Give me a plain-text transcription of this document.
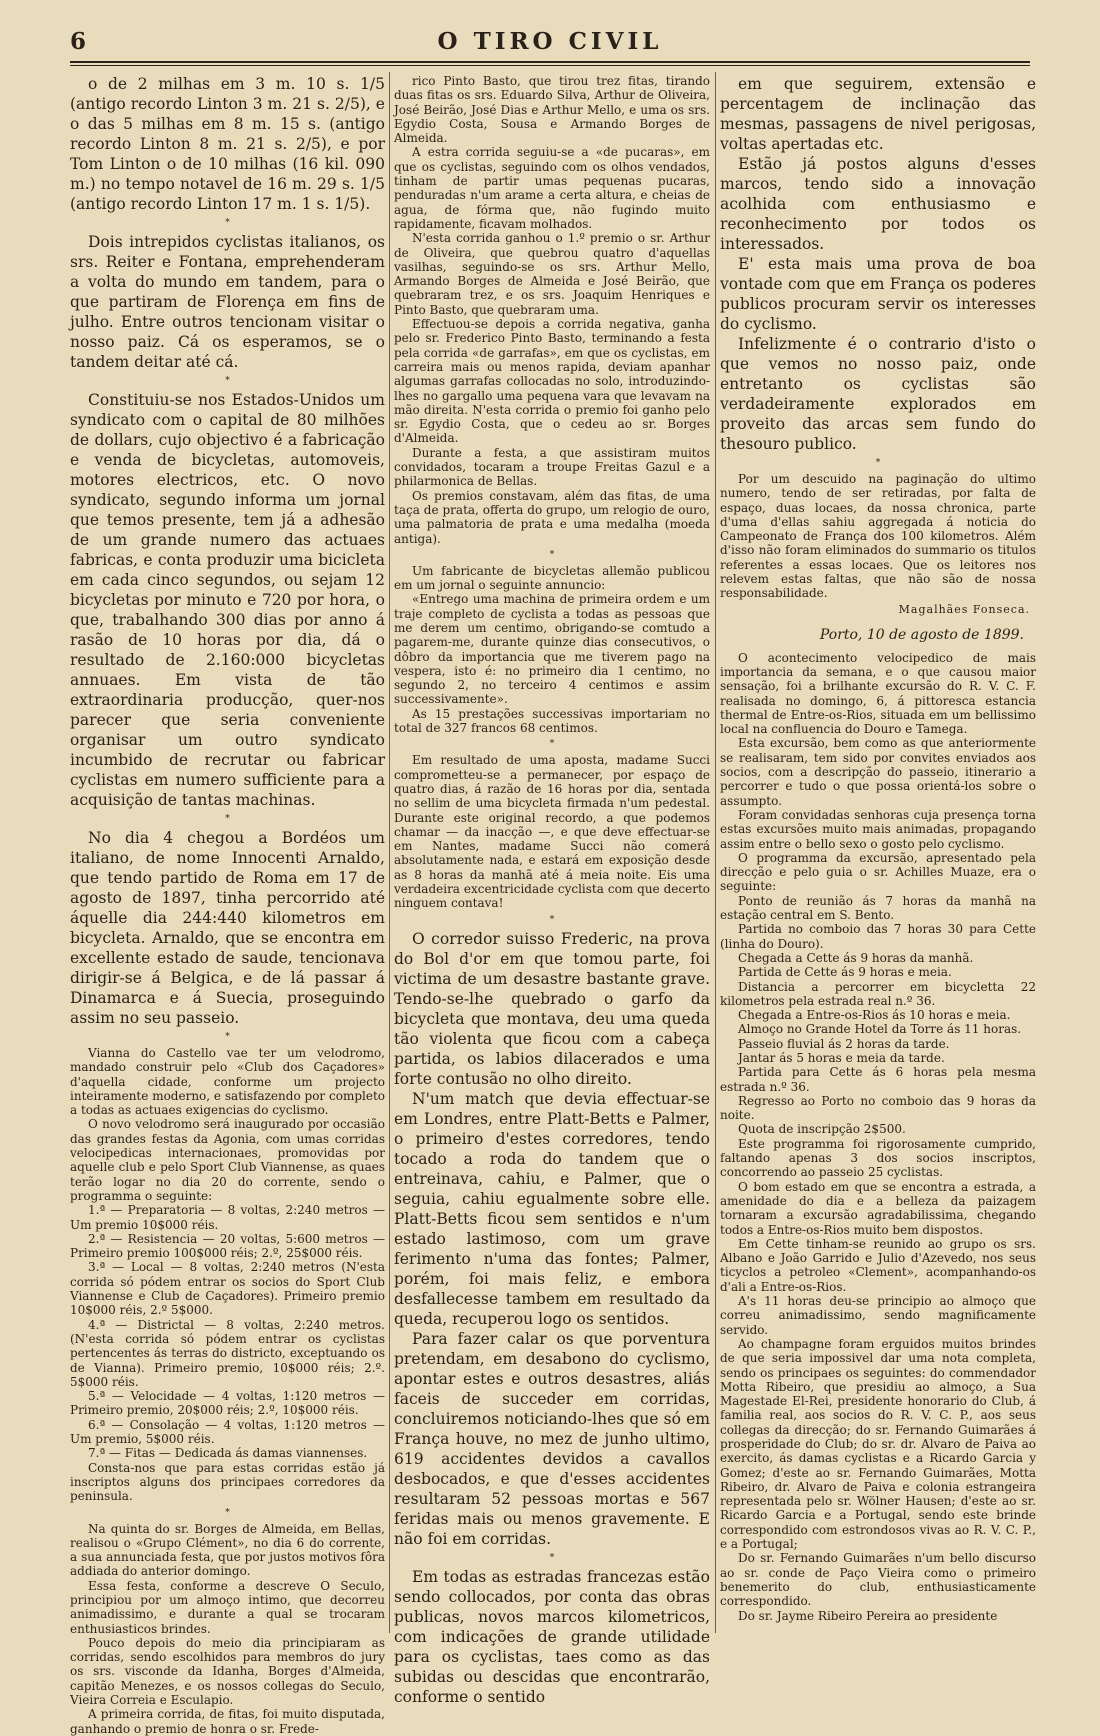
6	O TIRO CIVIL

o de 2 milhas em 3 m. 10 s. 1/5 (antigo recordo Linton 3 m. 21 s. 2/5), e o das 5 milhas em 8 m. 15 s. (antigo recordo Linton 8 m. 21 s. 2/5), e por Tom Linton o de 10 milhas (16 kil. 090 m.) no tempo notavel de 16 m. 29 s. 1/5 (antigo recordo Linton 17 m. 1 s. 1/5).

*

Dois intrepidos cyclistas italianos, os srs. Reiter e Fontana, emprehenderam a volta do mundo em tandem, para o que partiram de Florença em fins de julho. Entre outros tencionam visitar o nosso paiz. Cá os esperamos, se o tandem deitar até cá.

*

Constituiu-se nos Estados-Unidos um syndicato com o capital de 80 milhões de dollars, cujo objectivo é a fabricação e venda de bicycletas, automoveis, motores electricos, etc. O novo syndicato, segundo informa um jornal que temos presente, tem já a adhesão de um grande numero das actuaes fabricas, e conta produzir uma bicicleta em cada cinco segundos, ou sejam 12 bicycletas por minuto e 720 por hora, o que, trabalhando 300 dias por anno á rasão de 10 horas por dia, dá o resultado de 2.160:000 bicycletas annuaes. Em vista de tão extraordinaria producção, quer-nos parecer que seria conveniente organisar um outro syndicato incumbido de recrutar ou fabricar cyclistas em numero sufficiente para a acquisição de tantas machinas.

*

No dia 4 chegou a Bordéos um italiano, de nome Innocenti Arnaldo, que tendo partido de Roma em 17 de agosto de 1897, tinha percorrido até áquelle dia 244:440 kilometros em bicycleta. Arnaldo, que se encontra em excellente estado de saude, tencionava dirigir-se á Belgica, e de lá passar á Dinamarca e á Suecia, proseguindo assim no seu passeio.

*

Vianna do Castello vae ter um velodromo, mandado construir pelo «Club dos Caçadores» d'aquella cidade, conforme um projecto inteiramente moderno, e satisfazendo por completo a todas as actuaes exigencias do cyclismo.

O novo velodromo será inaugurado por occasião das grandes festas da Agonia, com umas corridas velocipedicas internacionaes, promovidas por aquelle club e pelo Sport Club Viannense, as quaes terão logar no dia 20 do corrente, sendo o programma o seguinte:

1.ª — Preparatoria — 8 voltas, 2:240 metros — Um premio 10$000 réis.

2.ª — Resistencia — 20 voltas, 5:600 metros — Primeiro premio 100$000 réis; 2.º, 25$000 réis.

3.ª — Local — 8 voltas, 2:240 metros (N'esta corrida só pódem entrar os socios do Sport Club Viannense e Club de Caçadores). Primeiro premio 10$000 réis, 2.º 5$000.

4.ª — Districtal — 8 voltas, 2:240 metros. (N'esta corrida só pódem entrar os cyclistas pertencentes ás terras do districto, exceptuando os de Vianna). Primeiro premio, 10$000 réis; 2.º. 5$000 réis.

5.ª — Velocidade — 4 voltas, 1:120 metros — Primeiro premio, 20$000 réis; 2.º, 10$000 réis.

6.ª — Consolação — 4 voltas, 1:120 metros — Um premio, 5$000 réis.

7.ª — Fitas — Dedicada ás damas viannenses.

Consta-nos que para estas corridas estão já inscriptos alguns dos principaes corredores da peninsula.

*

Na quinta do sr. Borges de Almeida, em Bellas, realisou o «Grupo Clément», no dia 6 do corrente, a sua annunciada festa, que por justos motivos fôra addiada do anterior domingo.

Essa festa, conforme a descreve O Seculo, principiou por um almoço intimo, que decorreu animadissimo, e durante a qual se trocaram enthusiasticos brindes.

Pouco depois do meio dia principiaram as corridas, sendo escolhidos para membros do jury os srs. visconde da Idanha, Borges d'Almeida, capitão Menezes, e os nossos collegas do Seculo, Vieira Correia e Esculapio.

A primeira corrida, de fitas, foi muito disputada, ganhando o premio de honra o sr. Frede-

rico Pinto Basto, que tirou trez fitas, tirando duas fitas os srs. Eduardo Silva, Arthur de Oliveira, José Beirão, José Dias e Arthur Mello, e uma os srs. Egydio Costa, Sousa e Armando Borges de Almeida.

A estra corrida seguiu-se a «de pucaras», em que os cyclistas, seguindo com os olhos vendados, tinham de partir umas pequenas pucaras, penduradas n'um arame a certa altura, e cheias de agua, de fórma que, não fugindo muito rapidamente, ficavam molhados.

N'esta corrida ganhou o 1.º premio o sr. Arthur de Oliveira, que quebrou quatro d'aquellas vasilhas, seguindo-se os srs. Arthur Mello, Armando Borges de Almeida e José Beirão, que quebraram trez, e os srs. Joaquim Henriques e Pinto Basto, que quebraram uma.

Effectuou-se depois a corrida negativa, ganha pelo sr. Frederico Pinto Basto, terminando a festa pela corrida «de garrafas», em que os cyclistas, em carreira mais ou menos rapida, deviam apanhar algumas garrafas collocadas no solo, introduzindo-lhes no gargallo uma pequena vara que levavam na mão direita. N'esta corrida o premio foi ganho pelo sr. Egydio Costa, que o cedeu ao sr. Borges d'Almeida.

Durante a festa, a que assistiram muitos convidados, tocaram a troupe Freitas Gazul e a philarmonica de Bellas.

Os premios constavam, além das fitas, de uma taça de prata, offerta do grupo, um relogio de ouro, uma palmatoria de prata e uma medalha (moeda antiga).

*

Um fabricante de bicycletas allemão publicou em um jornal o seguinte annuncio:

«Entrego uma machina de primeira ordem e um traje completo de cyclista a todas as pessoas que me derem um centimo, obrigando-se comtudo a pagarem-me, durante quinze dias consecutivos, o dôbro da importancia que me tiverem pago na vespera, isto é: no primeiro dia 1 centimo, no segundo 2, no terceiro 4 centimos e assim successivamente».

As 15 prestações successivas importariam no total de 327 francos 68 centimos.

*

Em resultado de uma aposta, madame Succi comprometteu-se a permanecer, por espaço de quatro dias, á razão de 16 horas por dia, sentada no sellim de uma bicycleta firmada n'um pedestal. Durante este original recordo, a que podemos chamar — da inacção —, e que deve effectuar-se em Nantes, madame Succi não comerá absolutamente nada, e estará em exposição desde as 8 horas da manhã até á meia noite. Eis uma verdadeira excentricidade cyclista com que decerto ninguem contava!

*

O corredor suisso Frederic, na prova do Bol d'or em que tomou parte, foi victima de um desastre bastante grave. Tendo-se-lhe quebrado o garfo da bicycleta que montava, deu uma queda tão violenta que ficou com a cabeça partida, os labios dilacerados e uma forte contusão no olho direito.

N'um match que devia effectuar-se em Londres, entre Platt-Betts e Palmer, o primeiro d'estes corredores, tendo tocado a roda do tandem que o entreinava, cahiu, e Palmer, que o seguia, cahiu egualmente sobre elle. Platt-Betts ficou sem sentidos e n'um estado lastimoso, com um grave ferimento n'uma das fontes; Palmer, porém, foi mais feliz, e embora desfallecesse tambem em resultado da queda, recuperou logo os sentidos.

Para fazer calar os que porventura pretendam, em desabono do cyclismo, apontar estes e outros desastres, aliás faceis de succeder em corridas, concluiremos noticiando-lhes que só em França houve, no mez de junho ultimo, 619 accidentes devidos a cavallos desbocados, e que d'esses accidentes resultaram 52 pessoas mortas e 567 feridas mais ou menos gravemente. E não foi em corridas.

*

Em todas as estradas francezas estão sendo collocados, por conta das obras publicas, novos marcos kilometricos, com indicações de grande utilidade para os cyclistas, taes como as das subidas ou descidas que encontrarão, conforme o sentido

em que seguirem, extensão e percentagem de inclinação das mesmas, passagens de nivel perigosas, voltas apertadas etc.

Estão já postos alguns d'esses marcos, tendo sido a innovação acolhida com enthusiasmo e reconhecimento por todos os interessados.

E' esta mais uma prova de boa vontade com que em França os poderes publicos procuram servir os interesses do cyclismo.

Infelizmente é o contrario d'isto o que vemos no nosso paiz, onde entretanto os cyclistas são verdadeiramente explorados em proveito das arcas sem fundo do thesouro publico.

*

Por um descuido na paginação do ultimo numero, tendo de ser retiradas, por falta de espaço, duas locaes, da nossa chronica, parte d'uma d'ellas sahiu aggregada á noticia do Campeonato de França dos 100 kilometros. Além d'isso não foram eliminados do summario os titulos referentes a essas locaes. Que os leitores nos relevem estas faltas, que não são de nossa responsabilidade.

Magalhães Fonseca.
Porto, 10 de agosto de 1899.

O acontecimento velocipedico de mais importancia da semana, e o que causou maior sensação, foi a brilhante excursão do R. V. C. F. realisada no domingo, 6, á pittoresca estancia thermal de Entre-os-Rios, situada em um bellissimo local na confluencia do Douro e Tamega.

Esta excursão, bem como as que anteriormente se realisaram, tem sido por convites enviados aos socios, com a descripção do passeio, itinerario a percorrer e tudo o que possa orientá-los sobre o assumpto.

Foram convidadas senhoras cuja presença torna estas excursões muito mais animadas, propagando assim entre o bello sexo o gosto pelo cyclismo.

O programma da excursão, apresentado pela direcção e pelo guia o sr. Achilles Muaze, era o seguinte:

Ponto de reunião ás 7 horas da manhã na estação central em S. Bento.

Partida no comboio das 7 horas 30 para Cette (linha do Douro).

Chegada a Cette ás 9 horas da manhã.

Partida de Cette ás 9 horas e meia.

Distancia a percorrer em bicycletta 22 kilometros pela estrada real n.º 36.

Chegada a Entre-os-Rios ás 10 horas e meia.

Almoço no Grande Hotel da Torre ás 11 horas.

Passeio fluvial ás 2 horas da tarde.

Jantar ás 5 horas e meia da tarde.

Partida para Cette ás 6 horas pela mesma estrada n.º 36.

Regresso ao Porto no comboio das 9 horas da noite.

Quota de inscripção 2$500.

Este programma foi rigorosamente cumprido, faltando apenas 3 dos socios inscriptos, concorrendo ao passeio 25 cyclistas.

O bom estado em que se encontra a estrada, a amenidade do dia e a belleza da paizagem tornaram a excursão agradabilissima, chegando todos a Entre-os-Rios muito bem dispostos.

Em Cette tinham-se reunido ao grupo os srs. Albano e João Garrido e Julio d'Azevedo, nos seus ticyclos a petroleo «Clement», acompanhando-os d'ali a Entre-os-Rios.

A's 11 horas deu-se principio ao almoço que correu animadissimo, sendo magnificamente servido.

Ao champagne foram erguidos muitos brindes de que seria impossivel dar uma nota completa, sendo os principaes os seguintes: do commendador Motta Ribeiro, que presidiu ao almoço, a Sua Magestade El-Rei, presidente honorario do Club, á familia real, aos socios do R. V. C. P., aos seus collegas da direcção; do sr. Fernando Guimarães á prosperidade do Club; do sr. dr. Alvaro de Paiva ao exercito, ás damas cyclistas e a Ricardo Garcia y Gomez; d'este ao sr. Fernando Guimarães, Motta Ribeiro, dr. Alvaro de Paiva e colonia estrangeira representada pelo sr. Wölner Hausen; d'este ao sr. Ricardo Garcia e a Portugal, sendo este brinde correspondido com estrondosos vivas ao R. V. C. P., e a Portugal;

Do sr. Fernando Guimarães n'um bello discurso ao sr. conde de Paço Vieira como o primeiro benemerito do club, enthusiasticamente correspondido.

Do sr. Jayme Ribeiro Pereira ao presidente
